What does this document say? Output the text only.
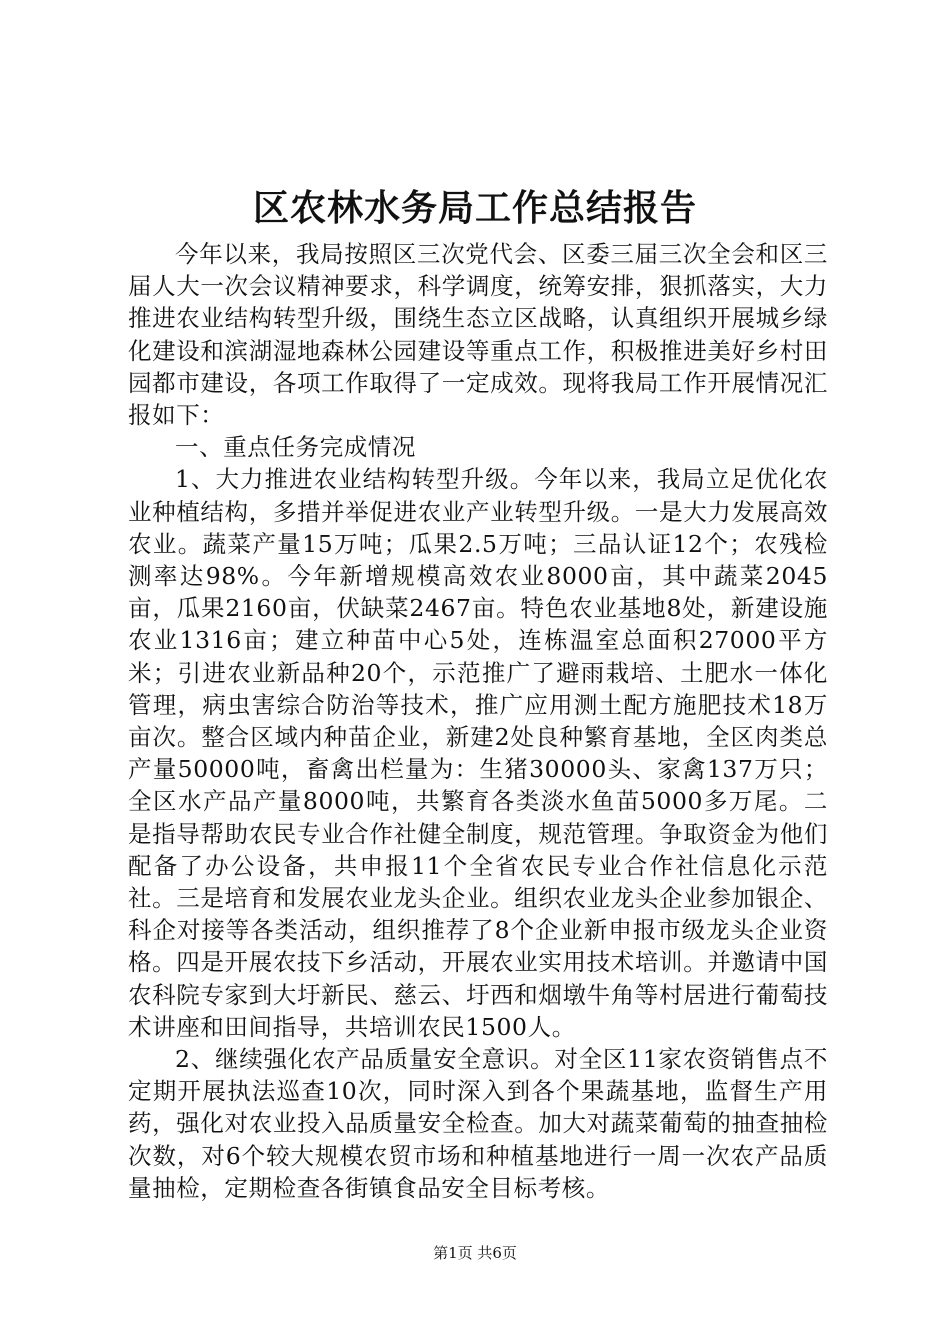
区农林水务局工作总结报告

今年以来，我局按照区三次党代会、区委三届三次全会和区三届人大一次会议精神要求，科学调度，统筹安排，狠抓落实，大力推进农业结构转型升级，围绕生态立区战略，认真组织开展城乡绿化建设和滨湖湿地森林公园建设等重点工作，积极推进美好乡村田园都市建设，各项工作取得了一定成效。现将我局工作开展情况汇报如下：

一、重点任务完成情况

1、大力推进农业结构转型升级。今年以来，我局立足优化农业种植结构，多措并举促进农业产业转型升级。一是大力发展高效农业。蔬菜产量15万吨；瓜果2.5万吨；三品认证12个；农残检测率达98%。今年新增规模高效农业8000亩，其中蔬菜2045亩，瓜果2160亩，伏缺菜2467亩。特色农业基地8处，新建设施农业1316亩；建立种苗中心5处，连栋温室总面积27000平方米；引进农业新品种20个，示范推广了避雨栽培、土肥水一体化管理，病虫害综合防治等技术，推广应用测土配方施肥技术18万亩次。整合区域内种苗企业，新建2处良种繁育基地，全区肉类总产量50000吨，畜禽出栏量为：生猪30000头、家禽137万只；全区水产品产量8000吨，共繁育各类淡水鱼苗5000多万尾。二是指导帮助农民专业合作社健全制度，规范管理。争取资金为他们配备了办公设备，共申报11个全省农民专业合作社信息化示范社。三是培育和发展农业龙头企业。组织农业龙头企业参加银企、科企对接等各类活动，组织推荐了8个企业新申报市级龙头企业资格。四是开展农技下乡活动，开展农业实用技术培训。并邀请中国农科院专家到大圩新民、慈云、圩西和烟墩牛角等村居进行葡萄技术讲座和田间指导，共培训农民1500人。

2、继续强化农产品质量安全意识。对全区11家农资销售点不定期开展执法巡查10次，同时深入到各个果蔬基地，监督生产用药，强化对农业投入品质量安全检查。加大对蔬菜葡萄的抽查抽检次数，对6个较大规模农贸市场和种植基地进行一周一次农产品质量抽检，定期检查各街镇食品安全目标考核。

第1页 共6页
